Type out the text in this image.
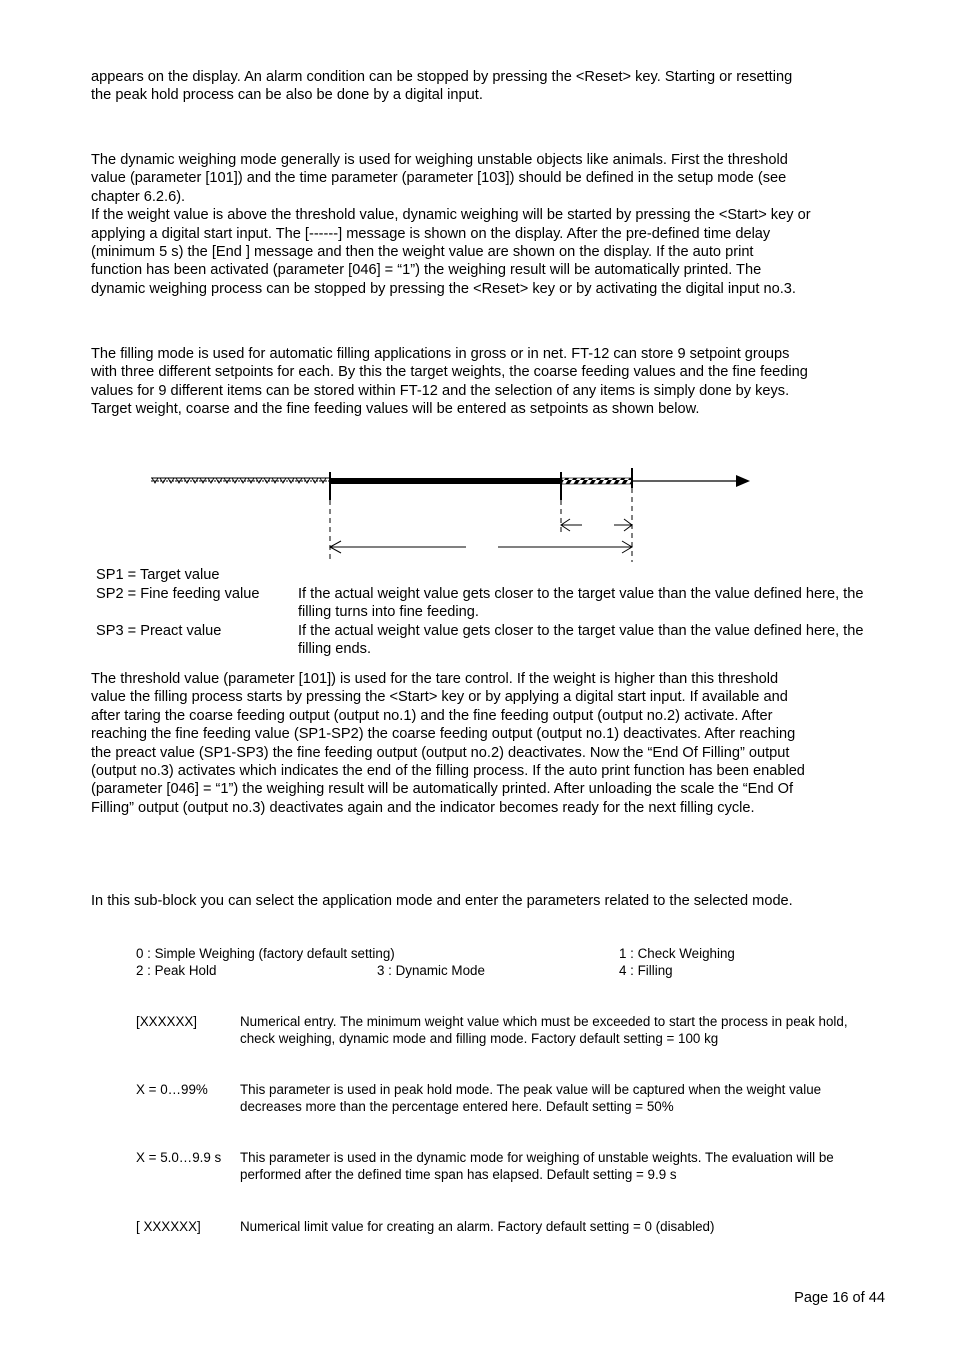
appears on the display. An alarm condition can be stopped by pressing the <Reset> key. Starting or resetting
the peak hold process can be also be done by a digital input.
The dynamic weighing mode generally is used for weighing unstable objects like animals. First the threshold
value (parameter [101]) and the time parameter (parameter [103]) should be defined in the setup mode (see
chapter 6.2.6).
If the weight value is above the threshold value, dynamic weighing will be started by pressing the <Start> key or
applying a digital start input. The [------] message is shown on the display. After the pre-defined time delay
(minimum 5 s) the [End ] message and then the weight value are shown on the display. If the auto print
function has been activated (parameter [046] = “1”) the weighing result will be automatically printed. The
dynamic weighing process can be stopped by pressing the <Reset> key or by activating the digital input no.3.
The filling mode is used for automatic filling applications in gross or in net. FT-12 can store 9 setpoint groups
with three different setpoints for each. By this the target weights, the coarse feeding values and the fine feeding
values for 9 different items can be stored within FT-12 and the selection of any items is simply done by keys.
Target weight, coarse and the fine feeding values will be entered as setpoints as shown below.
SP1 = Target value
SP2 = Fine feeding value	If the actual weight value gets closer to the target value than the value defined here, the filling turns into fine feeding.
SP3 = Preact value	If the actual weight value gets closer to the target value than the value defined here, the filling ends.
The threshold value (parameter [101]) is used for the tare control. If the weight is higher than this threshold
value the filling process starts by pressing the <Start> key or by applying a digital start input. If available and
after taring the coarse feeding output (output no.1) and the fine feeding output (output no.2) activate. After
reaching the fine feeding value (SP1-SP2) the coarse feeding output (output no.1) deactivates. After reaching
the preact value (SP1-SP3) the fine feeding output (output no.2) deactivates. Now the “End Of Filling” output
(output no.3) activates which indicates the end of the filling process. If the auto print function has been enabled
(parameter [046] = “1”) the weighing result will be automatically printed. After unloading the scale the “End Of
Filling” output (output no.3) deactivates again and the indicator becomes ready for the next filling cycle.
In this sub-block you can select the application mode and enter the parameters related to the selected mode.
0 : Simple Weighing (factory default setting)	1 : Check Weighing
2 : Peak Hold	3 : Dynamic Mode	4 : Filling
[XXXXXX]	Numerical entry. The minimum weight value which must be exceeded to start the process in peak hold, check weighing, dynamic mode and filling mode. Factory default setting = 100 kg
X = 0…99% This parameter is used in peak hold mode. The peak value will be captured when the weight value decreases more than the percentage entered here. Default setting = 50%
X = 5.0…9.9 s This parameter is used in the dynamic mode for weighing of unstable weights. The evaluation will be performed after the defined time span has elapsed. Default setting = 9.9 s
[ XXXXXX]	Numerical limit value for creating an alarm. Factory default setting = 0 (disabled)
Page 16 of 44
